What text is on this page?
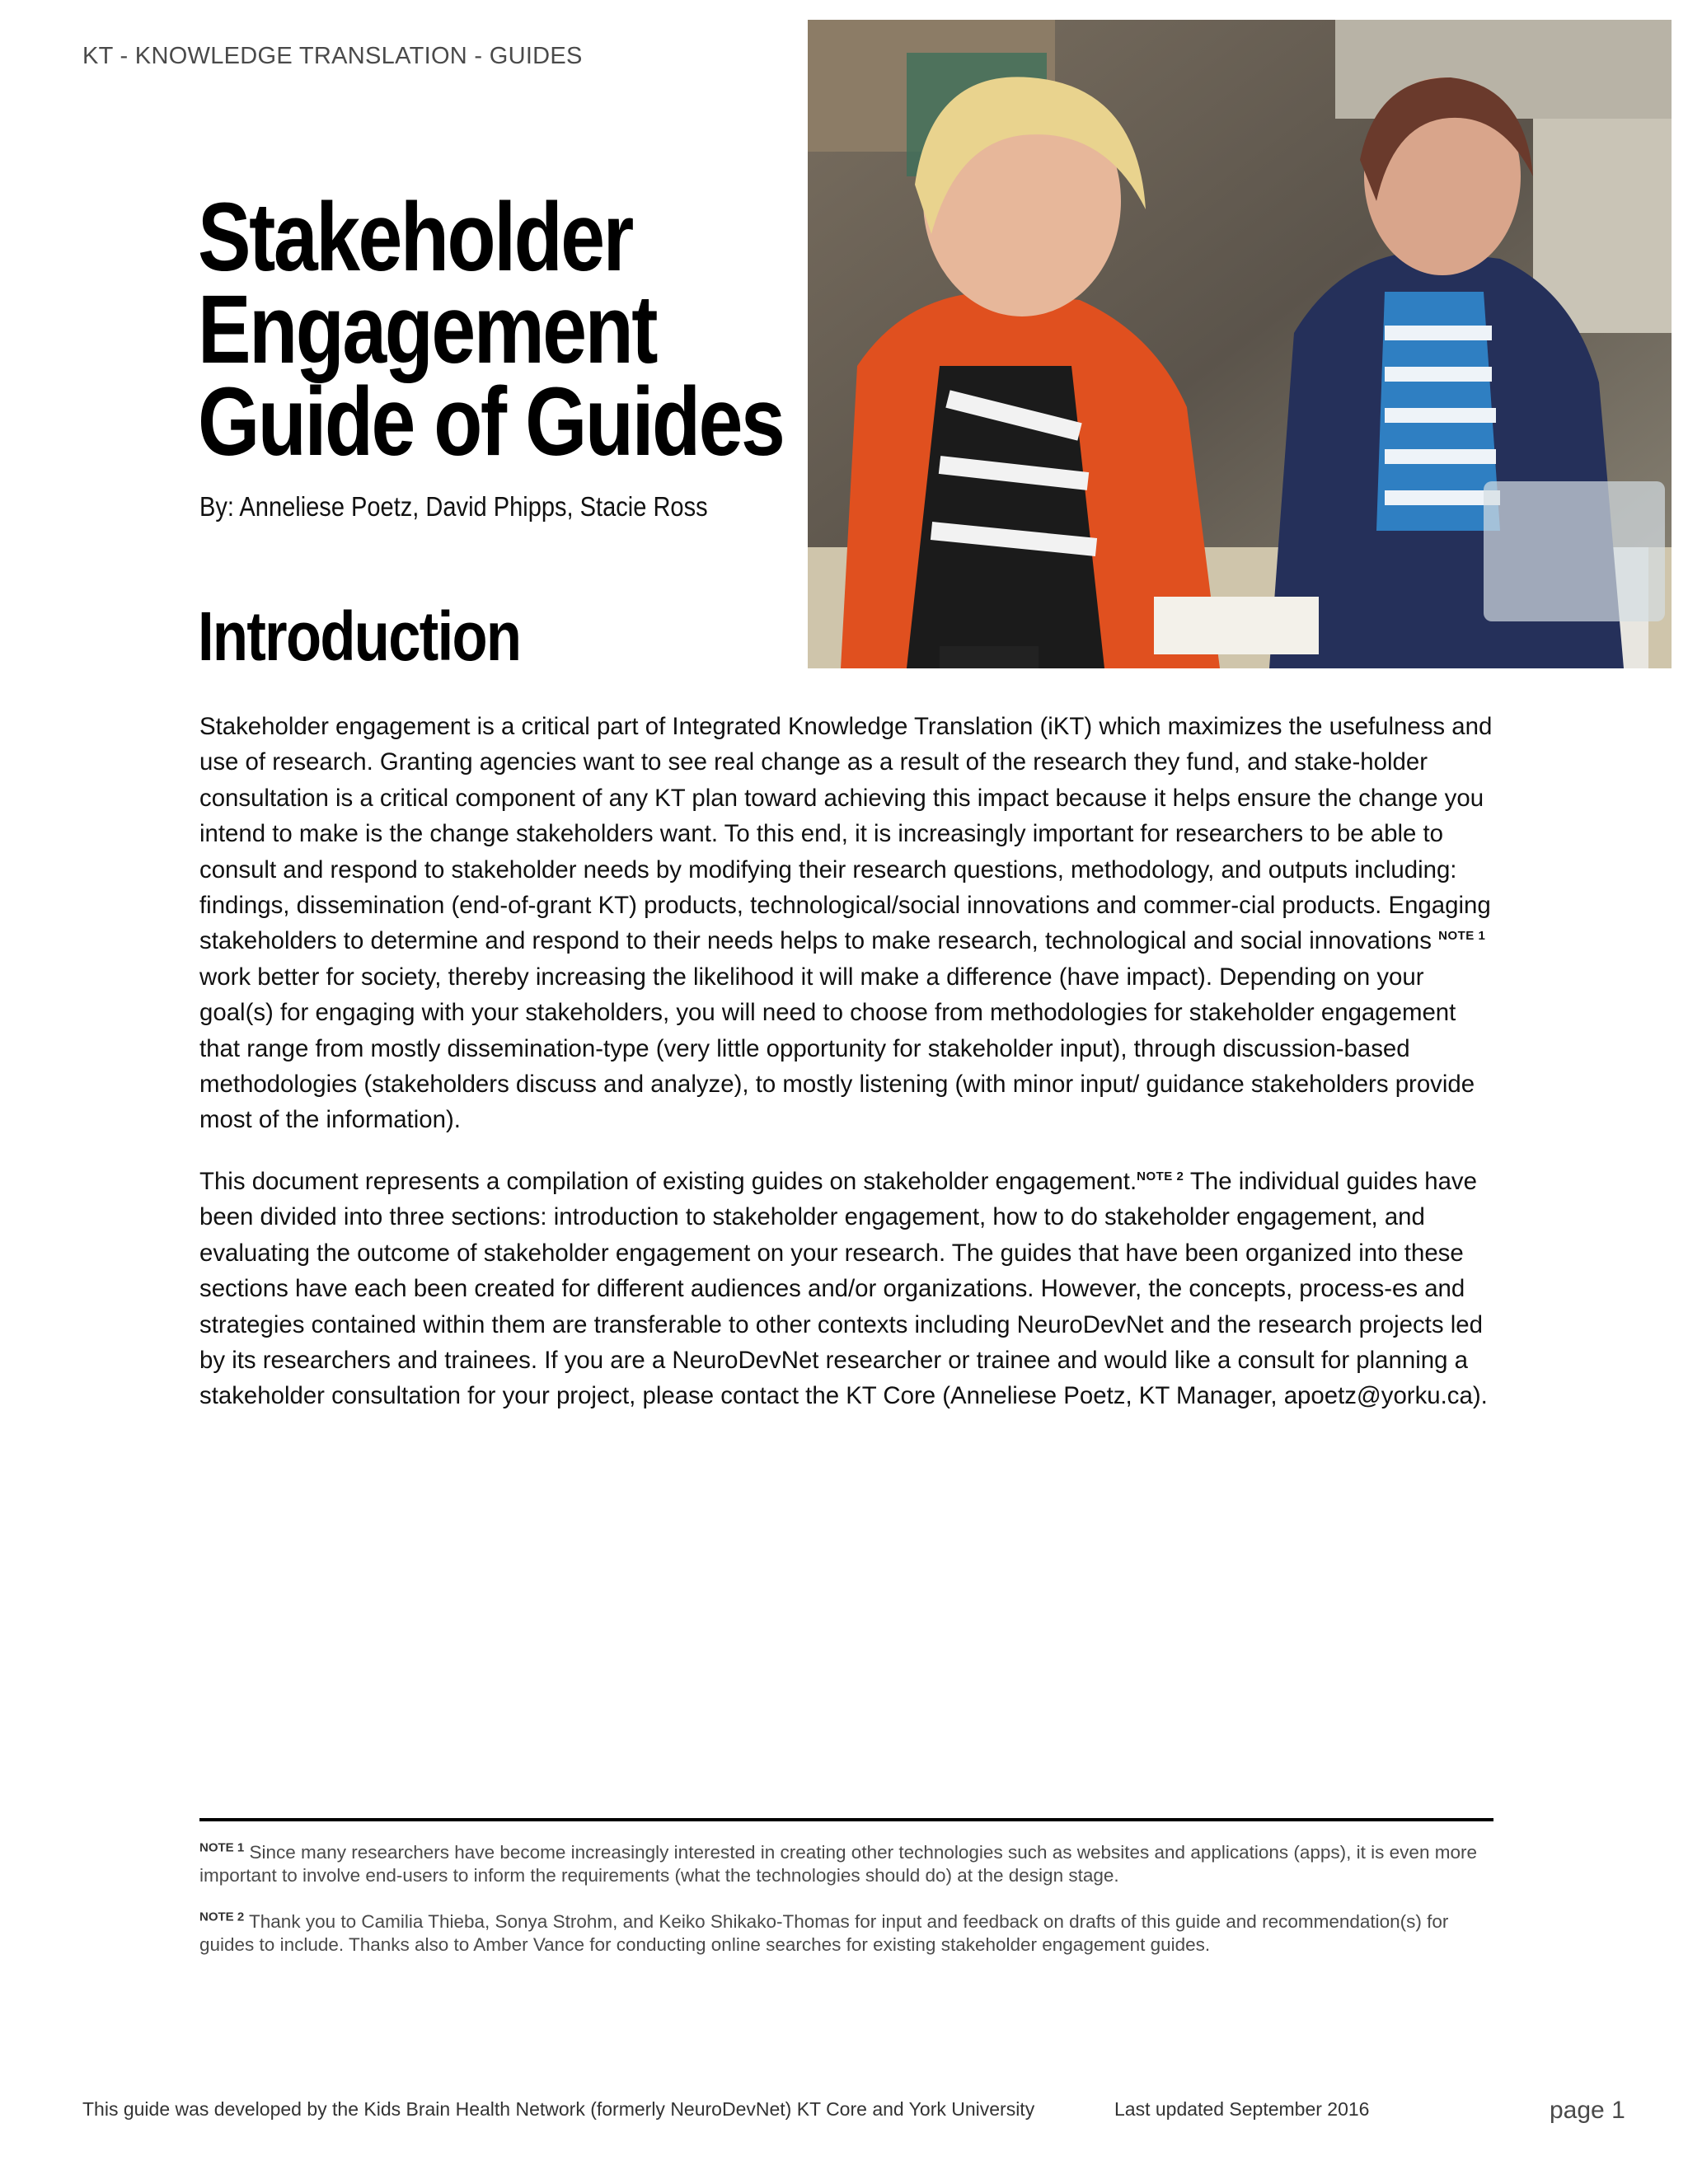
KT - KNOWLEDGE TRANSLATION - GUIDES
Stakeholder
Engagement
Guide of Guides
By: Anneliese Poetz, David Phipps, Stacie Ross
Introduction

Stakeholder engagement is a critical part of Integrated Knowledge Translation (iKT) which maximizes the usefulness and use of research. Granting agencies want to see real change as a result of the research they fund, and stake-holder consultation is a critical component of any KT plan toward achieving this impact because it helps ensure the change you intend to make is the change stakeholders want. To this end, it is increasingly important for researchers to be able to consult and respond to stakeholder needs by modifying their research questions, methodology, and outputs including: findings, dissemination (end-of-grant KT) products, technological/social innovations and commer-cial products. Engaging stakeholders to determine and respond to their needs helps to make research, technological and social innovations $^{NOTE 1}$ work better for society, thereby increasing the likelihood it will make a difference (have impact). Depending on your goal(s) for engaging with your stakeholders, you will need to choose from methodologies for stakeholder engagement that range from mostly dissemination-type (very little opportunity for stakeholder input), through discussion-based methodologies (stakeholders discuss and analyze), to mostly listening (with minor input/ guidance stakeholders provide most of the information).

This document represents a compilation of existing guides on stakeholder engagement.$^{NOTE 2}$ The individual guides have been divided into three sections: introduction to stakeholder engagement, how to do stakeholder engagement, and evaluating the outcome of stakeholder engagement on your research. The guides that have been organized into these sections have each been created for different audiences and/or organizations. However, the concepts, process-es and strategies contained within them are transferable to other contexts including NeuroDevNet and the research projects led by its researchers and trainees. If you are a NeuroDevNet researcher or trainee and would like a consult for planning a stakeholder consultation for your project, please contact the KT Core (Anneliese Poetz, KT Manager, apoetz@yorku.ca).

$^{NOTE 1}$ Since many researchers have become increasingly interested in creating other technologies such as websites and applications (apps), it is even more important to involve end-users to inform the requirements (what the technologies should do) at the design stage.

$^{NOTE 2}$ Thank you to Camilia Thieba, Sonya Strohm, and Keiko Shikako-Thomas for input and feedback on drafts of this guide and recommendation(s) for guides to include. Thanks also to Amber Vance for conducting online searches for existing stakeholder engagement guides.

This guide was developed by the Kids Brain Health Network (formerly NeuroDevNet) KT Core and York University	Last updated September 2016	page 1
